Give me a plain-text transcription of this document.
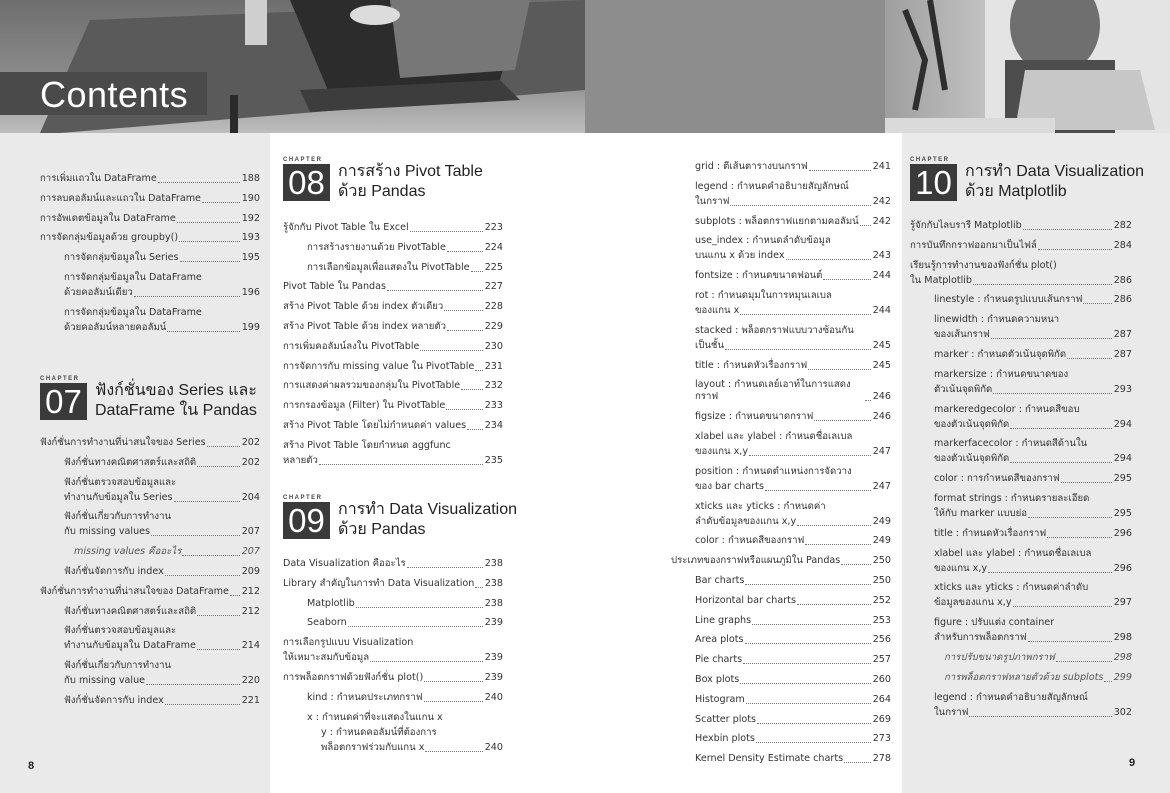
Contents
การเพิ่มแถวใน DataFrame	188
การลบคอลัมน์และแถวใน DataFrame	190
การอัพเดตข้อมูลใน DataFrame	192
การจัดกลุ่มข้อมูลด้วย groupby()	193
การจัดกลุ่มข้อมูลใน Series	195
การจัดกลุ่มข้อมูลใน DataFrame
ด้วยคอลัมน์เดียว	196
การจัดกลุ่มข้อมูลใน DataFrame
ด้วยคอลัมน์หลายคอลัมน์	199
CHAPTER
07 ฟังก์ชั่นของ Series และ
DataFrame ใน Pandas
ฟังก์ชั่นการทำงานที่น่าสนใจของ Series	202
ฟังก์ชั่นทางคณิตศาสตร์และสถิติ	202
ฟังก์ชั่นตรวจสอบข้อมูลและ
ทำงานกับข้อมูลใน Series	204
ฟังก์ชั่นเกี่ยวกับการทำงาน
กับ missing values	207
missing values คืออะไร	207
ฟังก์ชั่นจัดการกับ index	209
ฟังก์ชั่นการทำงานที่น่าสนใจของ DataFrame 212
ฟังก์ชั่นทางคณิตศาสตร์และสถิติ	212
ฟังก์ชั่นตรวจสอบข้อมูลและ
ทำงานกับข้อมูลใน DataFrame	214
ฟังก์ชั่นเกี่ยวกับการทำงาน
กับ missing value	220
ฟังก์ชั่นจัดการกับ index	221
CHAPTER
08 การสร้าง Pivot Table
ด้วย Pandas
รู้จักกับ Pivot Table ใน Excel	223
การสร้างรายงานด้วย PivotTable	224
การเลือกข้อมูลเพื่อแสดงใน PivotTable 225
Pivot Table ใน Pandas	227
สร้าง Pivot Table ด้วย index ตัวเดียว	228
สร้าง Pivot Table ด้วย index หลายตัว	229
การเพิ่มคอลัมน์ลงใน PivotTable	230
การจัดการกับ missing value ใน PivotTable 231
การแสดงค่าผลรวมของกลุ่มใน PivotTable	232
การกรองข้อมูล (Filter) ใน PivotTable	233
สร้าง Pivot Table โดยไม่กำหนดค่า values 234
สร้าง Pivot Table โดยกำหนด aggfunc
หลายตัว	235
CHAPTER
09 การทำ Data Visualization
ด้วย Pandas
Data Visualization คืออะไร	238
Library สำคัญในการทำ Data Visualization 238
Matplotlib	238
Seaborn	239
การเลือกรูปแบบ Visualization
ให้เหมาะสมกับข้อมูล	239
การพล็อตกราฟด้วยฟังก์ชั่น plot()	239
kind : กำหนดประเภทกราฟ	240
x : กำหนดค่าที่จะแสดงในแกน x
y : กำหนดคอลัมน์ที่ต้องการ
พล็อตกราฟร่วมกับแกน x	240
grid : ตีเส้นตารางบนกราฟ	241
legend : กำหนดคำอธิบายสัญลักษณ์
ในกราฟ	242
subplots : พล็อตกราฟแยกตามคอลัมน์ 242
use_index : กำหนดลำดับข้อมูล
บนแกน x ด้วย index	243
fontsize : กำหนดขนาดฟอนต์	244
rot : กำหนดมุมในการหมุนเลเบล
ของแกน x	244
stacked : พล็อตกราฟแบบวางซ้อนกัน
เป็นชั้น	245
title : กำหนดหัวเรื่องกราฟ	245
layout : กำหนดเลย์เอาท์ในการแสดงกราฟ	246
figsize : กำหนดขนาดกราฟ	246
xlabel และ ylabel : กำหนดชื่อเลเบล
ของแกน x,y	247
position : กำหนดตำแหน่งการจัดวาง
ของ bar charts	247
xticks และ yticks : กำหนดค่า
ลำดับข้อมูลของแกน x,y	249
color : กำหนดสีของกราฟ	249
ประเภทของกราฟหรือแผนภูมิใน Pandas	250
Bar charts	250
Horizontal bar charts	252
Line graphs	253
Area plots	256
Pie charts	257
Box plots	260
Histogram	264
Scatter plots	269
Hexbin plots	273
Kernel Density Estimate charts	278
CHAPTER
10 การทำ Data Visualization
ด้วย Matplotlib
รู้จักกับไลบรารี Matplotlib	282
การบันทึกกราฟออกมาเป็นไฟล์	284
เรียนรู้การทำงานของฟังก์ชั่น plot()
ใน Matplotlib	286
linestyle : กำหนดรูปแบบเส้นกราฟ	286
linewidth : กำหนดความหนา
ของเส้นกราฟ	287
marker : กำหนดตัวเน้นจุดพิกัด	287
markersize : กำหนดขนาดของ
ตัวเน้นจุดพิกัด	293
markeredgecolor : กำหนดสีขอบ
ของตัวเน้นจุดพิกัด	294
markerfacecolor : กำหนดสีด้านใน
ของตัวเน้นจุดพิกัด	294
color : การกำหนดสีของกราฟ	295
format strings : กำหนดรายละเอียด
ให้กับ marker แบบย่อ	295
title : กำหนดหัวเรื่องกราฟ	296
xlabel และ ylabel : กำหนดชื่อเลเบล
ของแกน x,y	296
xticks และ yticks : กำหนดค่าลำดับ
ข้อมูลของแกน x,y	297
figure : ปรับแต่ง container
สำหรับการพล็อตกราฟ	298
การปรับขนาดรูปภาพกราฟ	298
การพล็อตกราฟหลายตัวด้วย subplots 299
legend : กำหนดคำอธิบายสัญลักษณ์
ในกราฟ	302
8	9
